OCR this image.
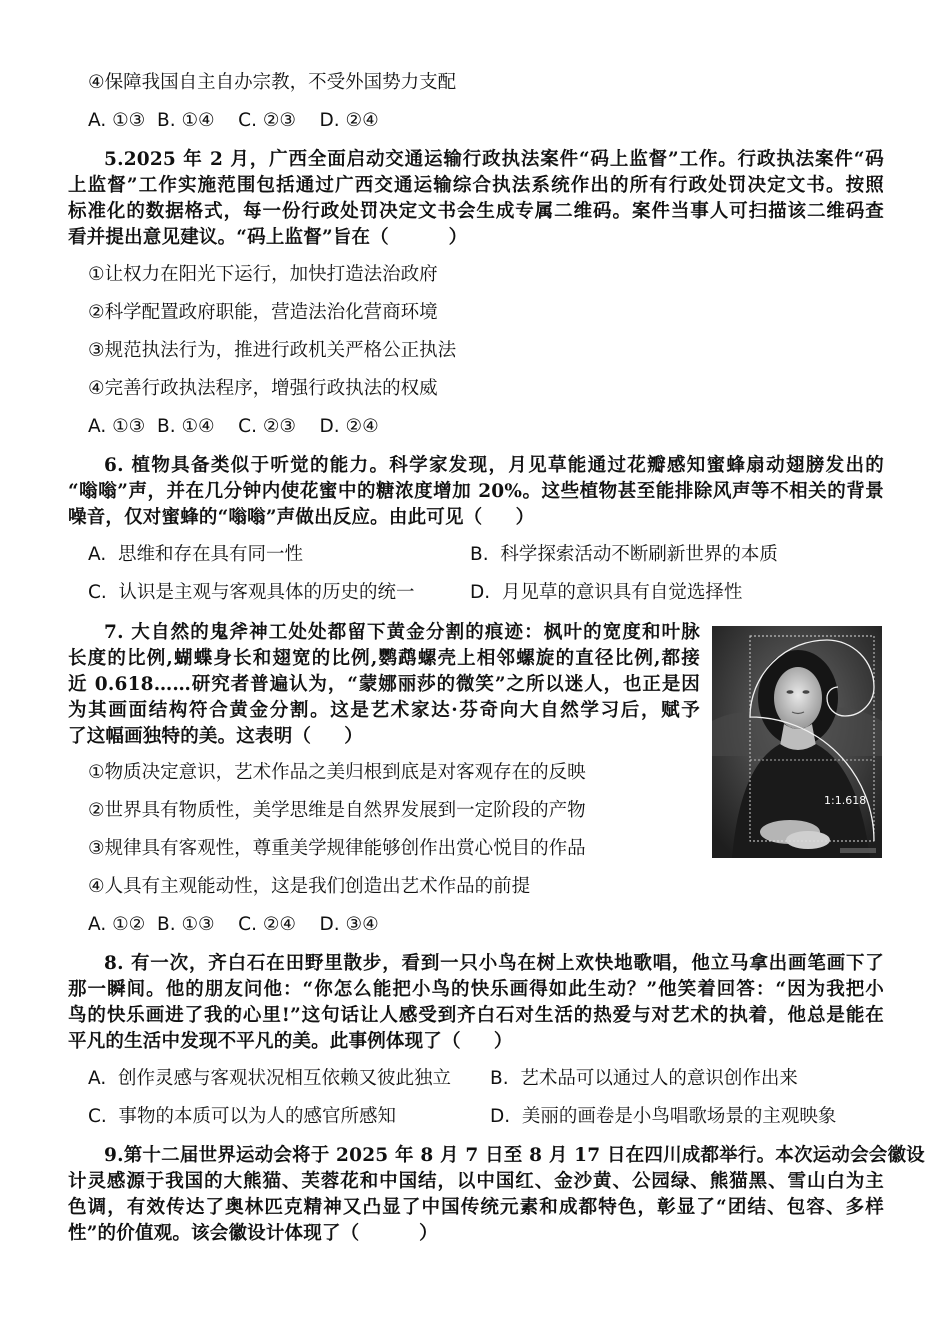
④保障我国自主自办宗教，不受外国势力支配
A. ①③  B. ①④    C. ②③    D. ②④
5.2025 年 2 月，广西全面启动交通运输行政执法案件“码上监督”工作。行政执法案件“码
上监督”工作实施范围包括通过广西交通运输综合执法系统作出的所有行政处罚决定文书。按照
标准化的数据格式，每一份行政处罚决定文书会生成专属二维码。案件当事人可扫描该二维码查
看并提出意见建议。“码上监督”旨在（         ）
①让权力在阳光下运行，加快打造法治政府
②科学配置政府职能，营造法治化营商环境
③规范执法行为，推进行政机关严格公正执法
④完善行政执法程序，增强行政执法的权威
A. ①③  B. ①④    C. ②③    D. ②④
6. 植物具备类似于听觉的能力。科学家发现，月见草能通过花瓣感知蜜蜂扇动翅膀发出的
“嗡嗡”声，并在几分钟内使花蜜中的糖浓度增加 20%。这些植物甚至能排除风声等不相关的背景
噪音，仅对蜜蜂的“嗡嗡”声做出反应。由此可见（     ）
A.  思维和存在具有同一性	B.  科学探索活动不断刷新世界的本质
C.  认识是主观与客观具体的历史的统一	D.  月见草的意识具有自觉选择性
7. 大自然的鬼斧神工处处都留下黄金分割的痕迹：枫叶的宽度和叶脉
长度的比例,蝴蝶身长和翅宽的比例,鹦鹉螺壳上相邻螺旋的直径比例,都接
近 0.618……研究者普遍认为，“蒙娜丽莎的微笑”之所以迷人，也正是因
为其画面结构符合黄金分割。这是艺术家达·芬奇向大自然学习后，赋予
了这幅画独特的美。这表明（     ）
①物质决定意识，艺术作品之美归根到底是对客观存在的反映
②世界具有物质性，美学思维是自然界发展到一定阶段的产物
③规律具有客观性，尊重美学规律能够创作出赏心悦目的作品
④人具有主观能动性，这是我们创造出艺术作品的前提
A. ①②  B. ①③    C. ②④    D. ③④
1:1.618
8. 有一次，齐白石在田野里散步，看到一只小鸟在树上欢快地歌唱，他立马拿出画笔画下了
那一瞬间。他的朋友问他：“你怎么能把小鸟的快乐画得如此生动？”他笑着回答：“因为我把小
鸟的快乐画进了我的心里!”这句话让人感受到齐白石对生活的热爱与对艺术的执着，他总是能在
平凡的生活中发现不平凡的美。此事例体现了（     ）
A.  创作灵感与客观状况相互依赖又彼此独立 B.  艺术品可以通过人的意识创作出来
C.  事物的本质可以为人的感官所感知	D.  美丽的画卷是小鸟唱歌场景的主观映象
9.第十二届世界运动会将于 2025 年 8 月 7 日至 8 月 17 日在四川成都举行。本次运动会会徽设
计灵感源于我国的大熊猫、芙蓉花和中国结，以中国红、金沙黄、公园绿、熊猫黑、雪山白为主
色调，有效传达了奥林匹克精神又凸显了中国传统元素和成都特色，彰显了“团结、包容、多样
性”的价值观。该会徽设计体现了（         ）
